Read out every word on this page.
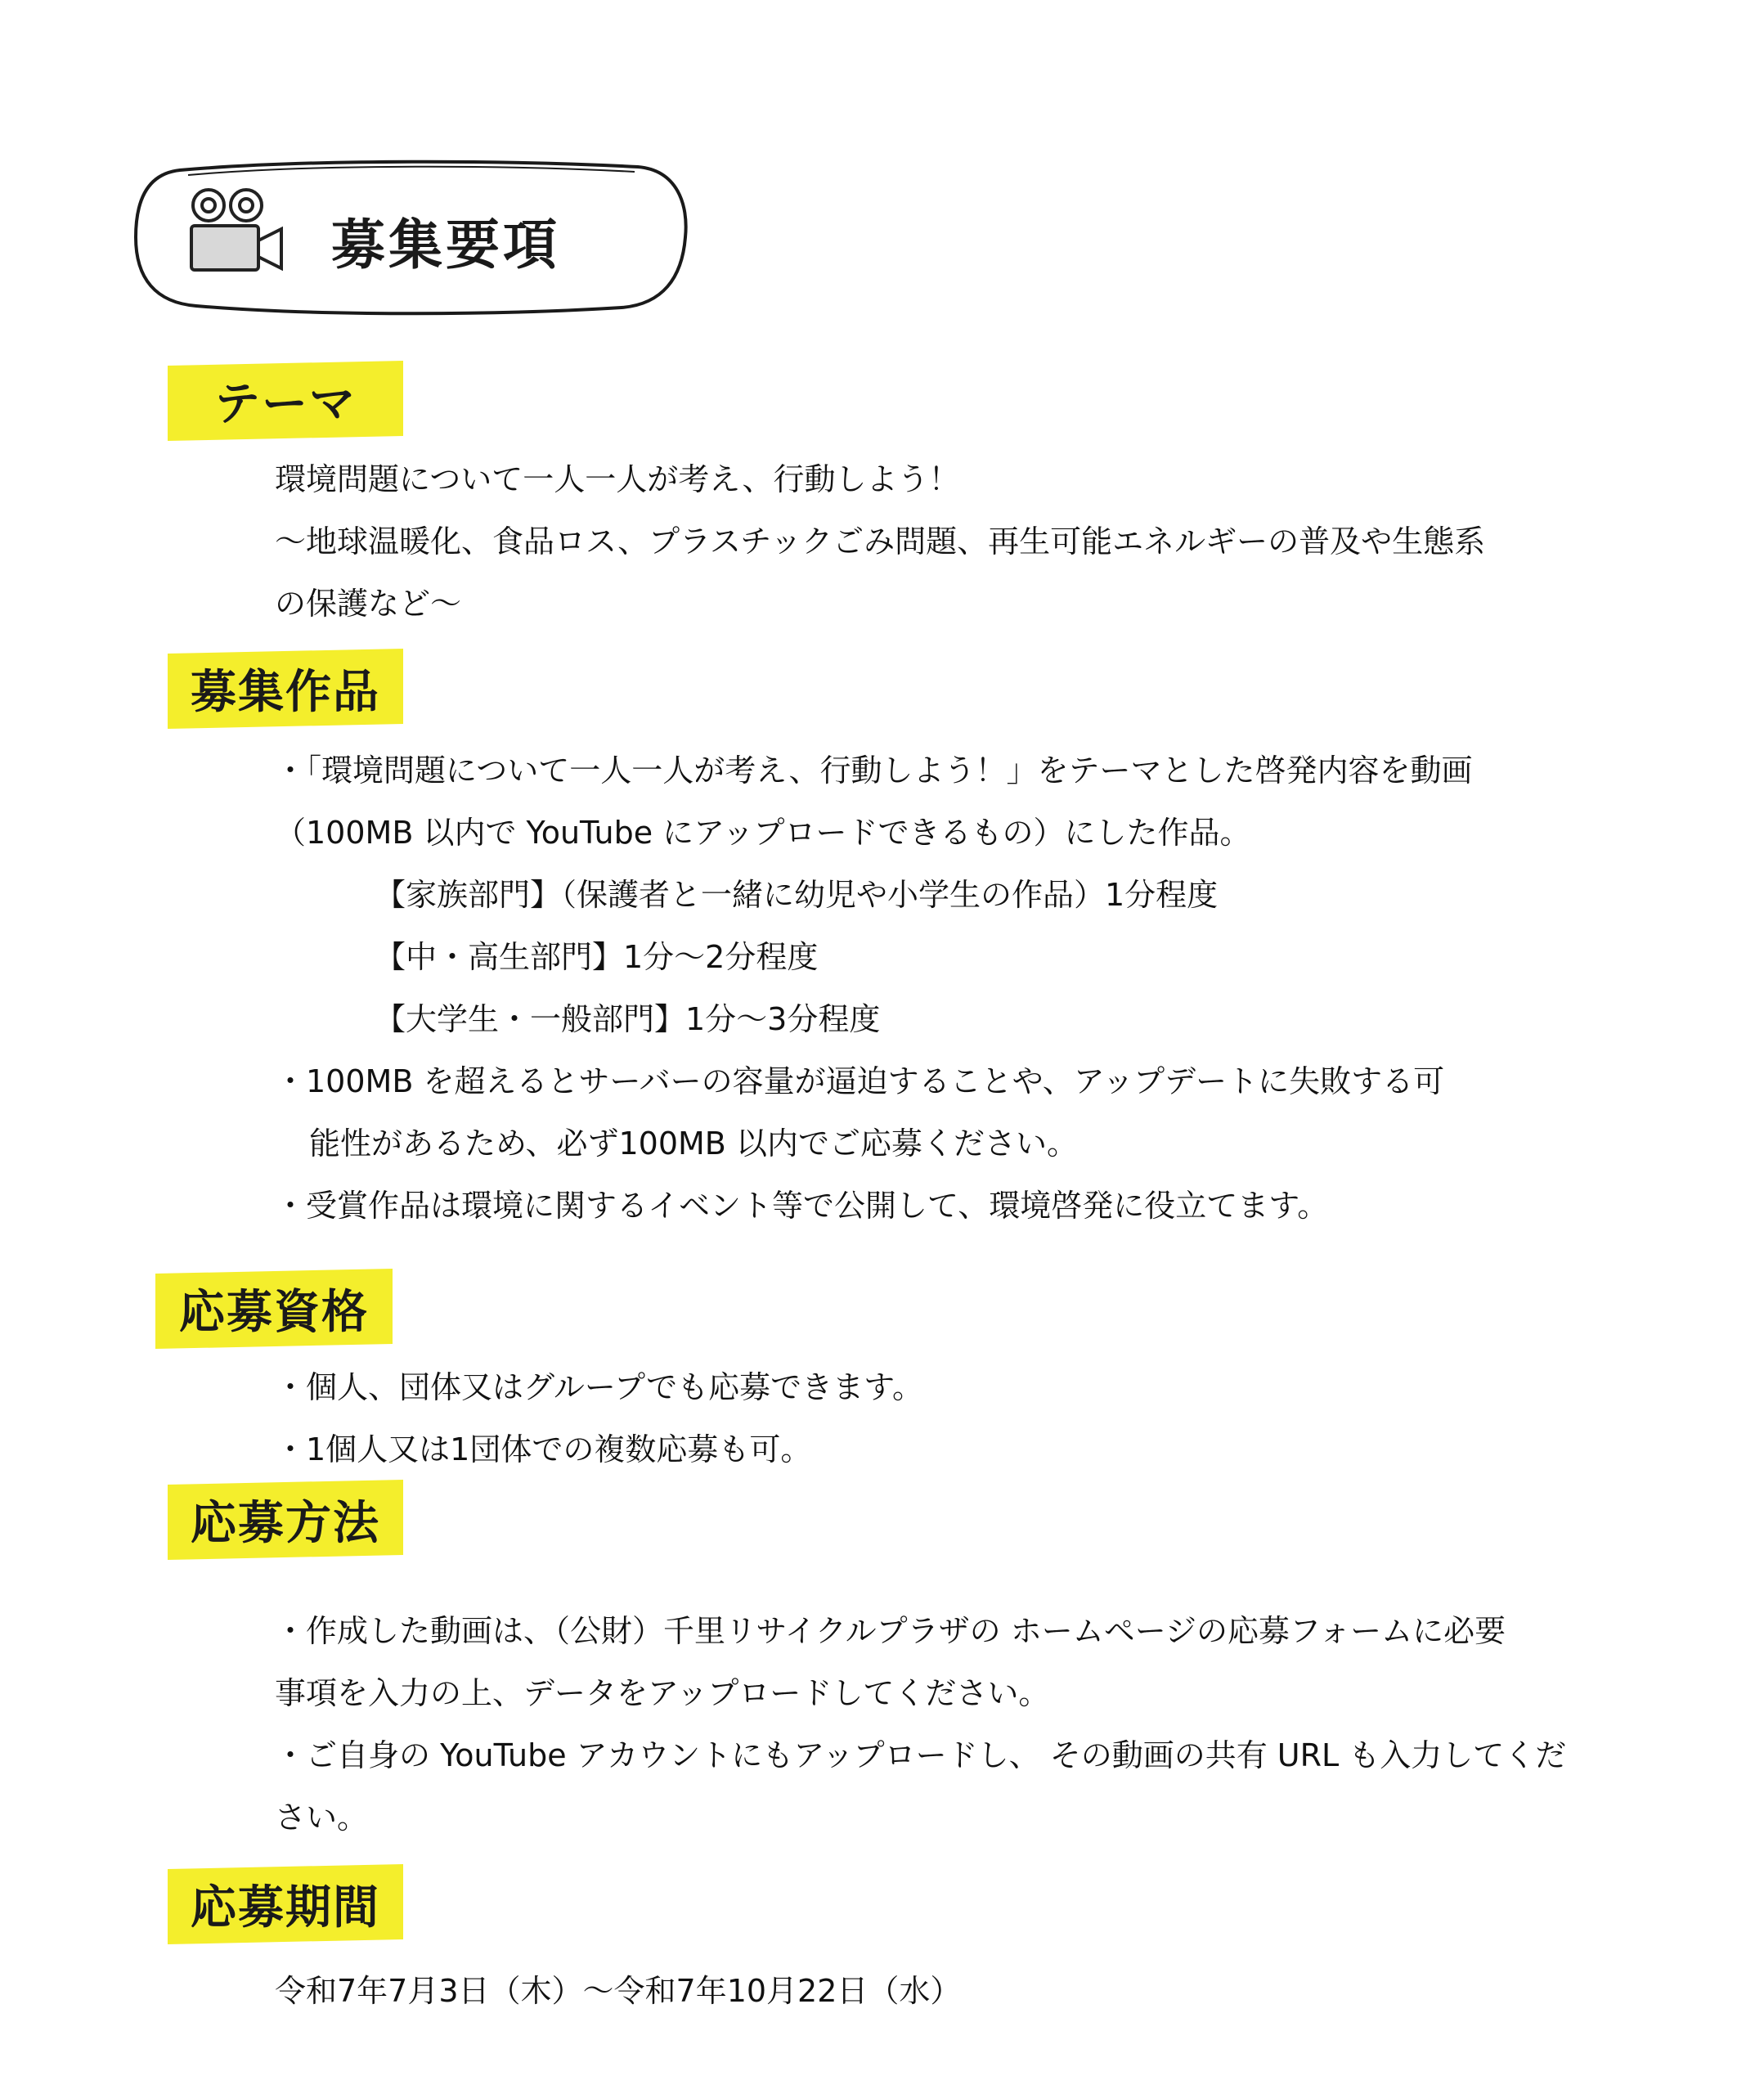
募集要項
テーマ
環境問題について一人一人が考え、行動しよう！
～地球温暖化、食品ロス、プラスチックごみ問題、再生可能エネルギーの普及や生態系
の保護など～
募集作品
・「環境問題について一人一人が考え、行動しよう！」をテーマとした啓発内容を動画
（100MB 以内で YouTube にアップロードできるもの）にした作品。
【家族部門】（保護者と一緒に幼児や小学生の作品）1分程度
【中・高生部門】1分～2分程度
【大学生・一般部門】1分～3分程度
・100MB を超えるとサーバーの容量が逼迫することや、アップデートに失敗する可
能性があるため、必ず100MB 以内でご応募ください。
・受賞作品は環境に関するイベント等で公開して、環境啓発に役立てます。
応募資格
・個人、団体又はグループでも応募できます。
・1個人又は1団体での複数応募も可。
応募方法
・作成した動画は、（公財）千里リサイクルプラザの ホームページの応募フォームに必要
事項を入力の上、データをアップロードしてください。
・ご自身の YouTube アカウントにもアップロードし、 その動画の共有 URL も入力してくだ
さい。
応募期間
令和7年7月3日（木）～令和7年10月22日（水）
